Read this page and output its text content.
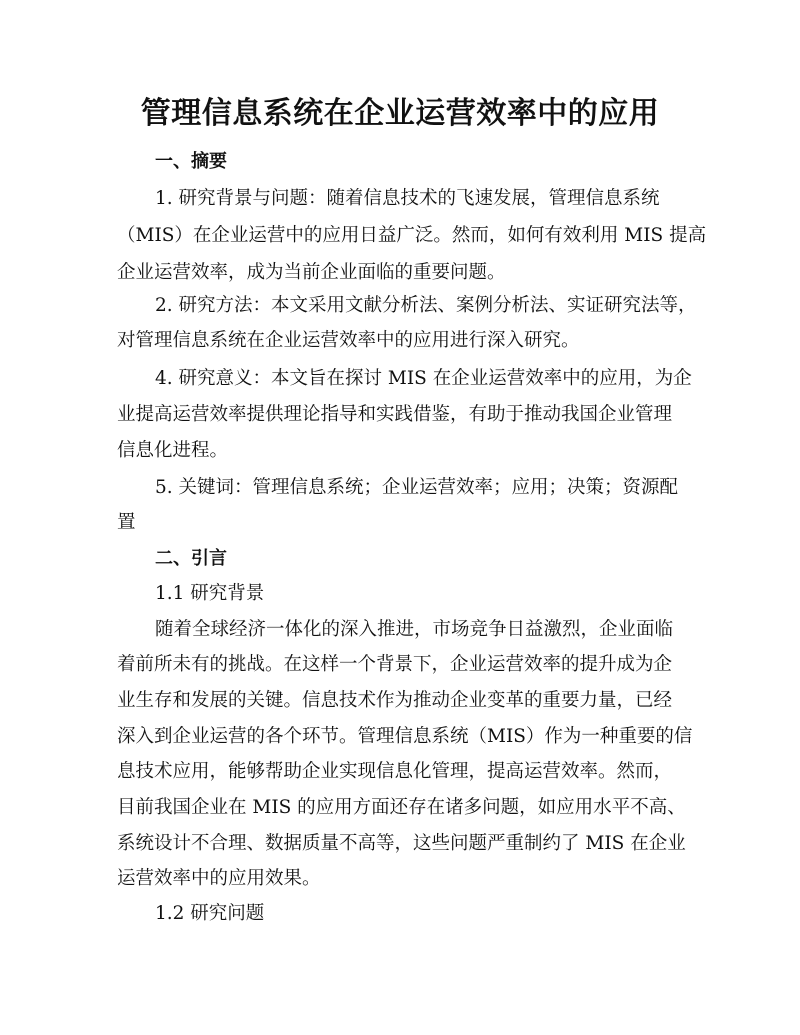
管理信息系统在企业运营效率中的应用

一、摘要

1. 研究背景与问题：随着信息技术的飞速发展，管理信息系统

（MIS）在企业运营中的应用日益广泛。然而，如何有效利用 MIS 提高

企业运营效率，成为当前企业面临的重要问题。

2. 研究方法：本文采用文献分析法、案例分析法、实证研究法等，

对管理信息系统在企业运营效率中的应用进行深入研究。

4. 研究意义：本文旨在探讨 MIS 在企业运营效率中的应用，为企

业提高运营效率提供理论指导和实践借鉴，有助于推动我国企业管理

信息化进程。

5. 关键词：管理信息系统；企业运营效率；应用；决策；资源配

置

二、引言

1.1 研究背景

随着全球经济一体化的深入推进，市场竞争日益激烈，企业面临

着前所未有的挑战。在这样一个背景下，企业运营效率的提升成为企

业生存和发展的关键。信息技术作为推动企业变革的重要力量，已经

深入到企业运营的各个环节。管理信息系统（MIS）作为一种重要的信

息技术应用，能够帮助企业实现信息化管理，提高运营效率。然而，

目前我国企业在 MIS 的应用方面还存在诸多问题，如应用水平不高、

系统设计不合理、数据质量不高等，这些问题严重制约了 MIS 在企业

运营效率中的应用效果。

1.2 研究问题
